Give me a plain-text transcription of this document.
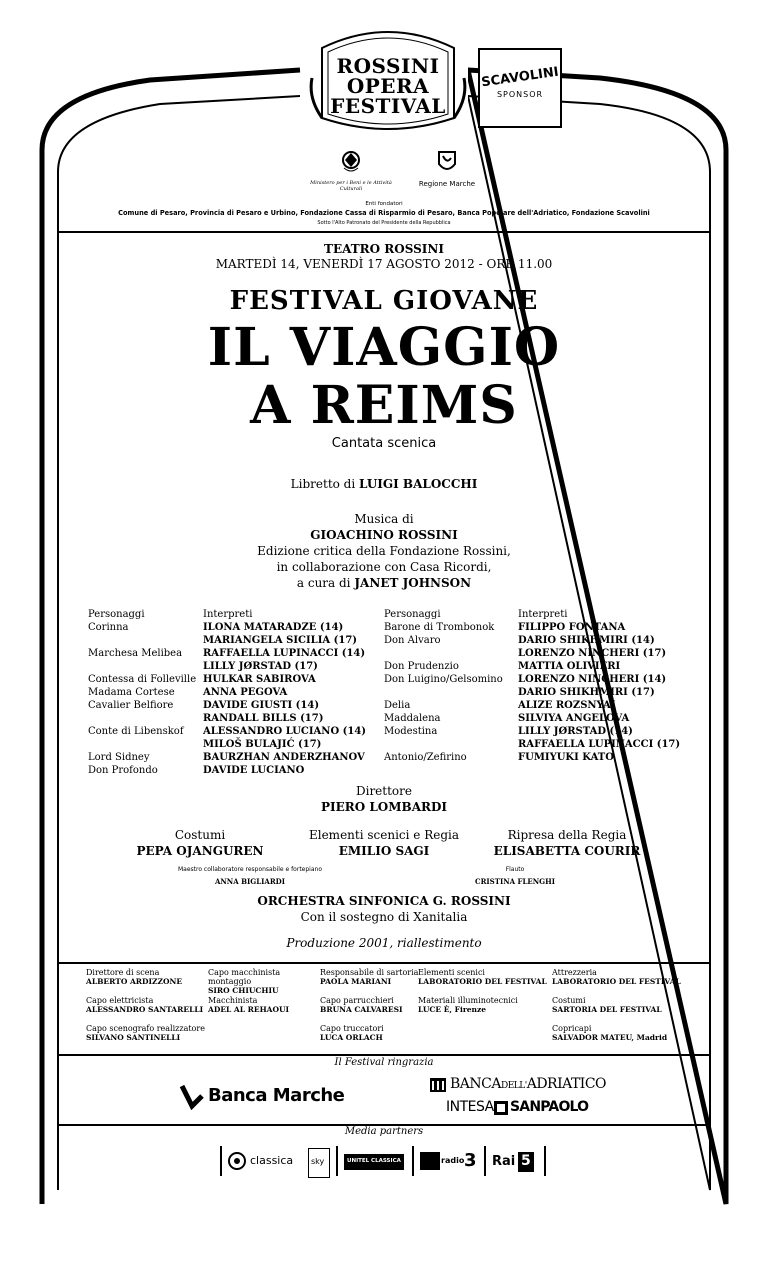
ROSSINI
OPERA
FESTIVAL
SCAVOLINI
SPONSOR
Ministero per i Beni e le Attività Culturali
Regione Marche
Enti fondatori
Comune di Pesaro, Provincia di Pesaro e Urbino, Fondazione Cassa di Risparmio di Pesaro, Banca Popolare dell'Adriatico, Fondazione Scavolini
Sotto l'Alto Patronato del Presidente della Repubblica
TEATRO ROSSINI
MARTEDÌ 14, VENERDÌ 17 AGOSTO 2012 - ORE 11.00
FESTIVAL GIOVANE
IL VIAGGIO
A REIMS
Cantata scenica
Libretto di LUIGI BALOCCHI
Musica di
GIOACHINO ROSSINI
Edizione critica della Fondazione Rossini,
in collaborazione con Casa Ricordi,
a cura di JANET JOHNSON
Personaggi
Corinna

Marchesa Melibea

Contessa di Folleville
Madama Cortese
Cavalier Belfiore

Conte di Libenskof

Lord Sidney
Don Profondo
Interpreti
ILONA MATARADZE (14)
MARIANGELA SICILIA (17)
RAFFAELLA LUPINACCI (14)
LILLY JØRSTAD (17)
HULKAR SABIROVA
ANNA PEGOVA
DAVIDE GIUSTI (14)
RANDALL BILLS (17)
ALESSANDRO LUCIANO (14)
MILOŠ BULAJIĆ (17)
BAURZHAN ANDERZHANOV
DAVIDE LUCIANO
Personaggi
Barone di Trombonok
Don Alvaro

Don Prudenzio
Don Luigino/Gelsomino

Delia
Maddalena
Modestina

Antonio/Zefirino
Interpreti
FILIPPO FONTANA
DARIO SHIKHMIRI (14)
LORENZO NINCHERI (17)
MATTIA OLIVIERI
LORENZO NINCHERI (14)
DARIO SHIKHMIRI (17)
ALIZE ROZSNYAI
SILVIYA ANGELOVA
LILLY JØRSTAD (14)
RAFFAELLA LUPINACCI (17)
FUMIYUKI KATO
Direttore
PIERO LOMBARDI
Costumi
PEPA OJANGUREN
Elementi scenici e Regia
EMILIO SAGI
Ripresa della Regia
ELISABETTA COURIR
Maestro collaboratore responsabile e fortepiano
ANNA BIGLIARDI
Flauto
CRISTINA FLENGHI
ORCHESTRA SINFONICA G. ROSSINI
Con il sostegno di Xanitalia
Produzione 2001, riallestimento
Direttore di scena
ALBERTO ARDIZZONE
Capo macchinista montaggio
SIRO CHIUCHIU
Responsabile di sartoria
PAOLA MARIANI
Elementi scenici
LABORATORIO DEL FESTIVAL
Attrezzeria
LABORATORIO DEL FESTIVAL
Capo elettricista
ALESSANDRO SANTARELLI
Macchinista
ADEL AL REHAOUI
Capo parrucchieri
BRUNA CALVARESI
Materiali illuminotecnici
LUCE È, Firenze
Costumi
SARTORIA DEL FESTIVAL
Capo scenografo realizzatore
SILVANO SANTINELLI
Capo truccatori
LUCA ORLACH
Copricapi
SALVADOR MATEU, Madrid
Il Festival ringrazia
Banca Marche
BANCADELL'ADRIATICO
INTESA SANPAOLO
Media partners
classica sky	UNITEL CLASSICA	radio 3 Rai 5
